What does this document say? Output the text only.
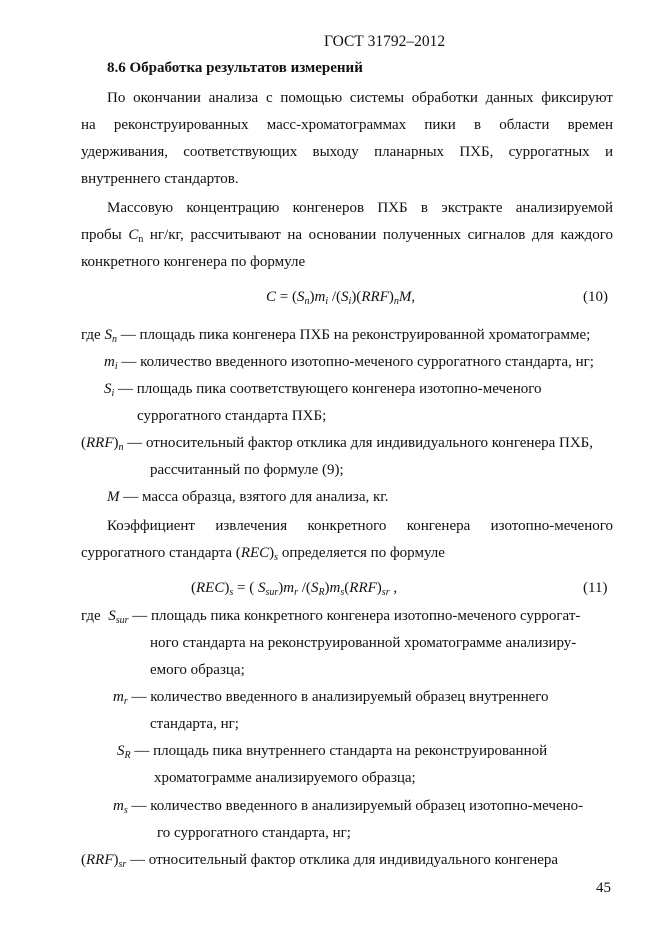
ГОСТ 31792–2012
8.6 Обработка результатов измерений
По окончании анализа с помощью системы обработки данных фиксируют
на реконструированных масс-хроматограммах пики в области времен
удерживания, соответствующих выходу планарных ПХБ, суррогатных и
внутреннего стандартов.
Массовую концентрацию конгенеров ПХБ в экстракте анализируемой
пробы $C_n$ нг/кг, рассчитывают на основании полученных сигналов для каждого
конкретного конгенера по формуле
$C = (S_n)m_i$ $/(S_i)(RRF)_nM$,	(10)
где $S_n$ — площадь пика конгенера ПХБ на реконструированной хроматограмме;
$m_i$ — количество введенного изотопно-меченого суррогатного стандарта, нг;
$S_i$ — площадь пика соответствующего конгенера изотопно-меченого
суррогатного стандарта ПХБ;
$(RRF)_n$ — относительный фактор отклика для индивидуального конгенера ПХБ,
рассчитанный по формуле (9);
M — масса образца, взятого для анализа, кг.
Коэффициент извлечения конкретного конгенера изотопно-меченого
суррогатного стандарта $(REC)_s$ определяется по формуле
$(REC)_s$ = ( $S_{sur})m_r$ $/(S_R)m_s(RRF)_{sr}$ ,	(11)
где $S_{sur}$ — площадь пика конкретного конгенера изотопно-меченого суррогат-
ного стандарта на реконструированной хроматограмме анализиру-
емого образца;
$m_r$ — количество введенного в анализируемый образец внутреннего
стандарта, нг;
$S_R$ — площадь пика внутреннего стандарта на реконструированной
хроматограмме анализируемого образца;
$m_s$ — количество введенного в анализируемый образец изотопно-мечено-
го суррогатного стандарта, нг;
$(RRF)_{sr}$ — относительный фактор отклика для индивидуального конгенера
45
